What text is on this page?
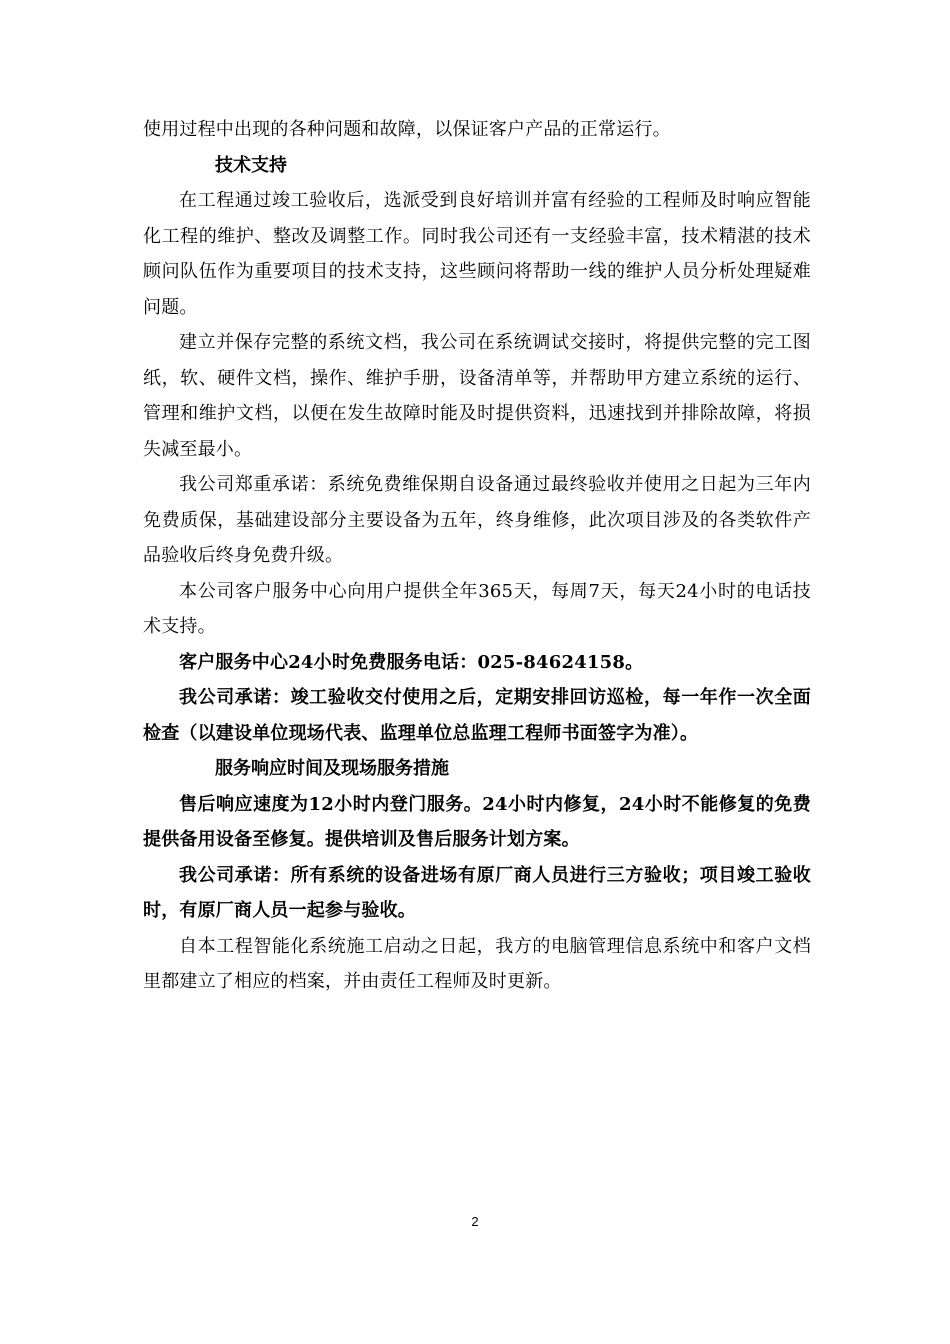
使用过程中出现的各种问题和故障，以保证客户产品的正常运行。

技术支持

在工程通过竣工验收后，选派受到良好培训并富有经验的工程师及时响应智能化工程的维护、整改及调整工作。同时我公司还有一支经验丰富，技术精湛的技术顾问队伍作为重要项目的技术支持，这些顾问将帮助一线的维护人员分析处理疑难问题。

建立并保存完整的系统文档，我公司在系统调试交接时，将提供完整的完工图纸，软、硬件文档，操作、维护手册，设备清单等，并帮助甲方建立系统的运行、管理和维护文档，以便在发生故障时能及时提供资料，迅速找到并排除故障，将损失减至最小。

我公司郑重承诺：系统免费维保期自设备通过最终验收并使用之日起为三年内免费质保，基础建设部分主要设备为五年，终身维修，此次项目涉及的各类软件产品验收后终身免费升级。

本公司客户服务中心向用户提供全年365天，每周7天，每天24小时的电话技术支持。

客户服务中心24小时免费服务电话：025-84624158。

我公司承诺：竣工验收交付使用之后，定期安排回访巡检，每一年作一次全面检查（以建设单位现场代表、监理单位总监理工程师书面签字为准）。

服务响应时间及现场服务措施

售后响应速度为12小时内登门服务。24小时内修复，24小时不能修复的免费提供备用设备至修复。提供培训及售后服务计划方案。

我公司承诺：所有系统的设备进场有原厂商人员进行三方验收；项目竣工验收时，有原厂商人员一起参与验收。

自本工程智能化系统施工启动之日起，我方的电脑管理信息系统中和客户文档里都建立了相应的档案，并由责任工程师及时更新。

2
